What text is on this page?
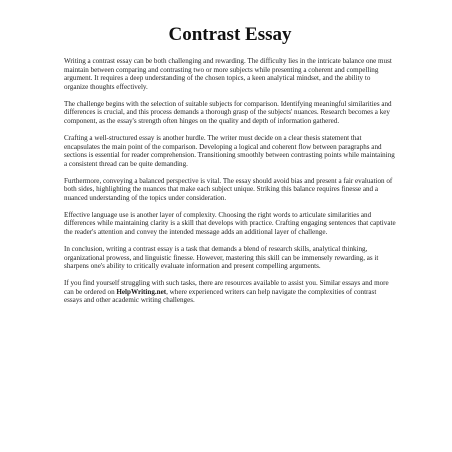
Contrast Essay

Writing a contrast essay can be both challenging and rewarding. The difficulty lies in the intricate balance one must maintain between comparing and contrasting two or more subjects while presenting a coherent and compelling argument. It requires a deep understanding of the chosen topics, a keen analytical mindset, and the ability to organize thoughts effectively.

The challenge begins with the selection of suitable subjects for comparison. Identifying meaningful similarities and differences is crucial, and this process demands a thorough grasp of the subjects' nuances. Research becomes a key component, as the essay's strength often hinges on the quality and depth of information gathered.

Crafting a well-structured essay is another hurdle. The writer must decide on a clear thesis statement that encapsulates the main point of the comparison. Developing a logical and coherent flow between paragraphs and sections is essential for reader comprehension. Transitioning smoothly between contrasting points while maintaining a consistent thread can be quite demanding.

Furthermore, conveying a balanced perspective is vital. The essay should avoid bias and present a fair evaluation of both sides, highlighting the nuances that make each subject unique. Striking this balance requires finesse and a nuanced understanding of the topics under consideration.

Effective language use is another layer of complexity. Choosing the right words to articulate similarities and differences while maintaining clarity is a skill that develops with practice. Crafting engaging sentences that captivate the reader's attention and convey the intended message adds an additional layer of challenge.

In conclusion, writing a contrast essay is a task that demands a blend of research skills, analytical thinking, organizational prowess, and linguistic finesse. However, mastering this skill can be immensely rewarding, as it sharpens one's ability to critically evaluate information and present compelling arguments.

If you find yourself struggling with such tasks, there are resources available to assist you. Similar essays and more can be ordered on HelpWriting.net, where experienced writers can help navigate the complexities of contrast essays and other academic writing challenges.
